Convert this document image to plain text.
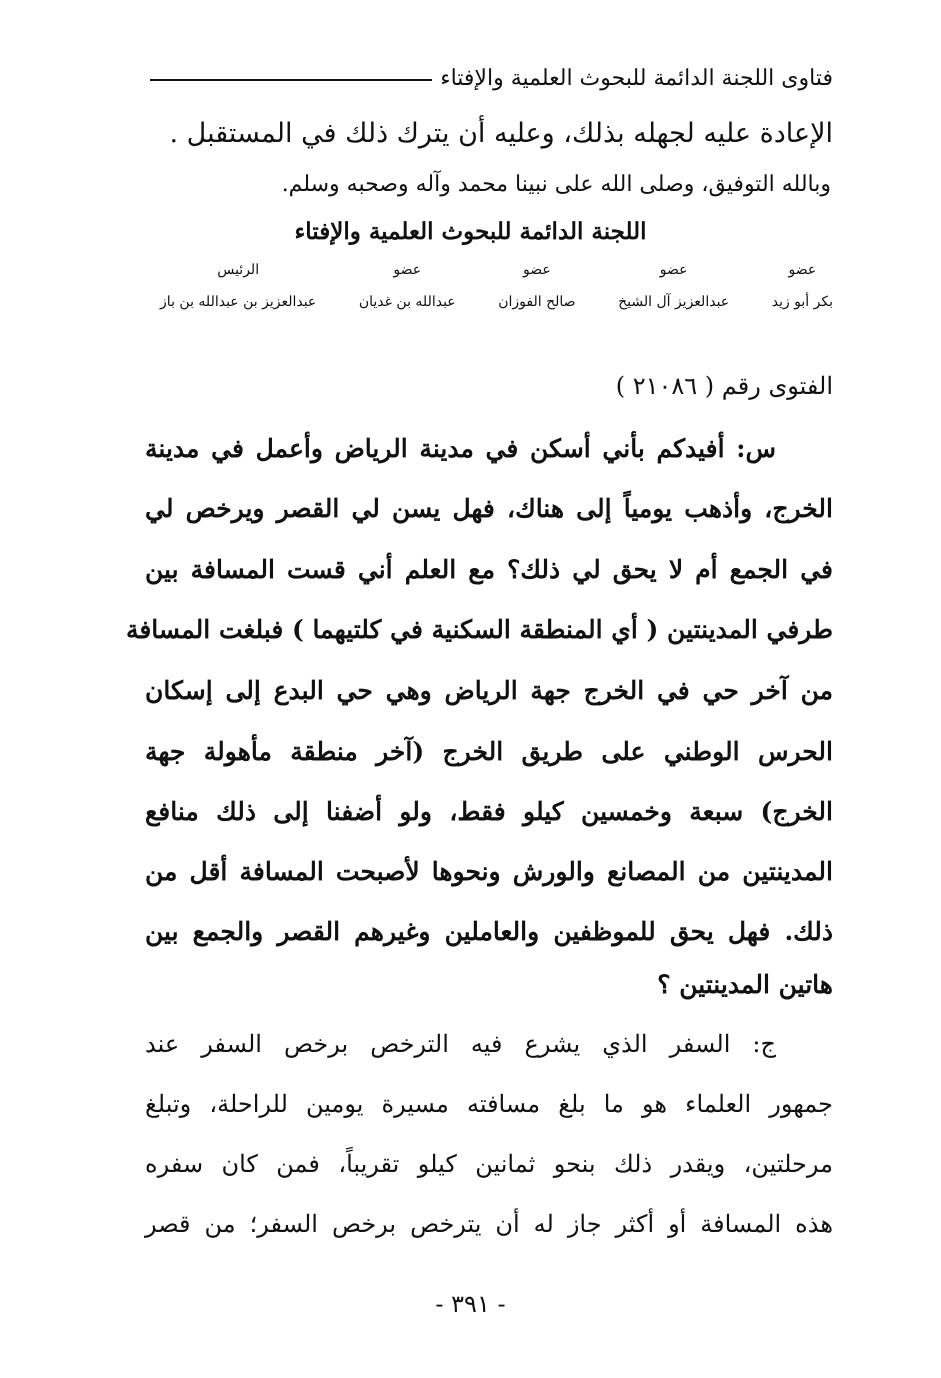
فتاوى اللجنة الدائمة للبحوث العلمية والإفتاء
الإعادة عليه لجهله بذلك، وعليه أن يترك ذلك في المستقبل .
وبالله التوفيق، وصلى الله على نبينا محمد وآله وصحبه وسلم.
اللجنة الدائمة للبحوث العلمية والإفتاء
عضو
بكر أبو زيد
عضو
عبدالعزيز آل الشيخ
عضو
صالح الفوزان
عضو
عبدالله بن غديان
الرئيس
عبدالعزيز بن عبدالله بن باز
الفتوى رقم ( ٢١٠٨٦ )
س: أفيدكم بأني أسكن في مدينة الرياض وأعمل في مدينة
الخرج، وأذهب يومياً إلى هناك، فهل يسن لي القصر ويرخص لي
في الجمع أم لا يحق لي ذلك؟ مع العلم أني قست المسافة بين
طرفي المدينتين ( أي المنطقة السكنية في كلتيهما ) فبلغت المسافة
من آخر حي في الخرج جهة الرياض وهي حي البدع إلى إسكان
الحرس الوطني على طريق الخرج (آخر منطقة مأهولة جهة
الخرج) سبعة وخمسين كيلو فقط، ولو أضفنا إلى ذلك منافع
المدينتين من المصانع والورش ونحوها لأصبحت المسافة أقل من
ذلك. فهل يحق للموظفين والعاملين وغيرهم القصر والجمع بين
هاتين المدينتين ؟
ج: السفر الذي يشرع فيه الترخص برخص السفر عند
جمهور العلماء هو ما بلغ مسافته مسيرة يومين للراحلة، وتبلغ
مرحلتين، ويقدر ذلك بنحو ثمانين كيلو تقريباً، فمن كان سفره
هذه المسافة أو أكثر جاز له أن يترخص برخص السفر؛ من قصر
- ٣٩١ -
